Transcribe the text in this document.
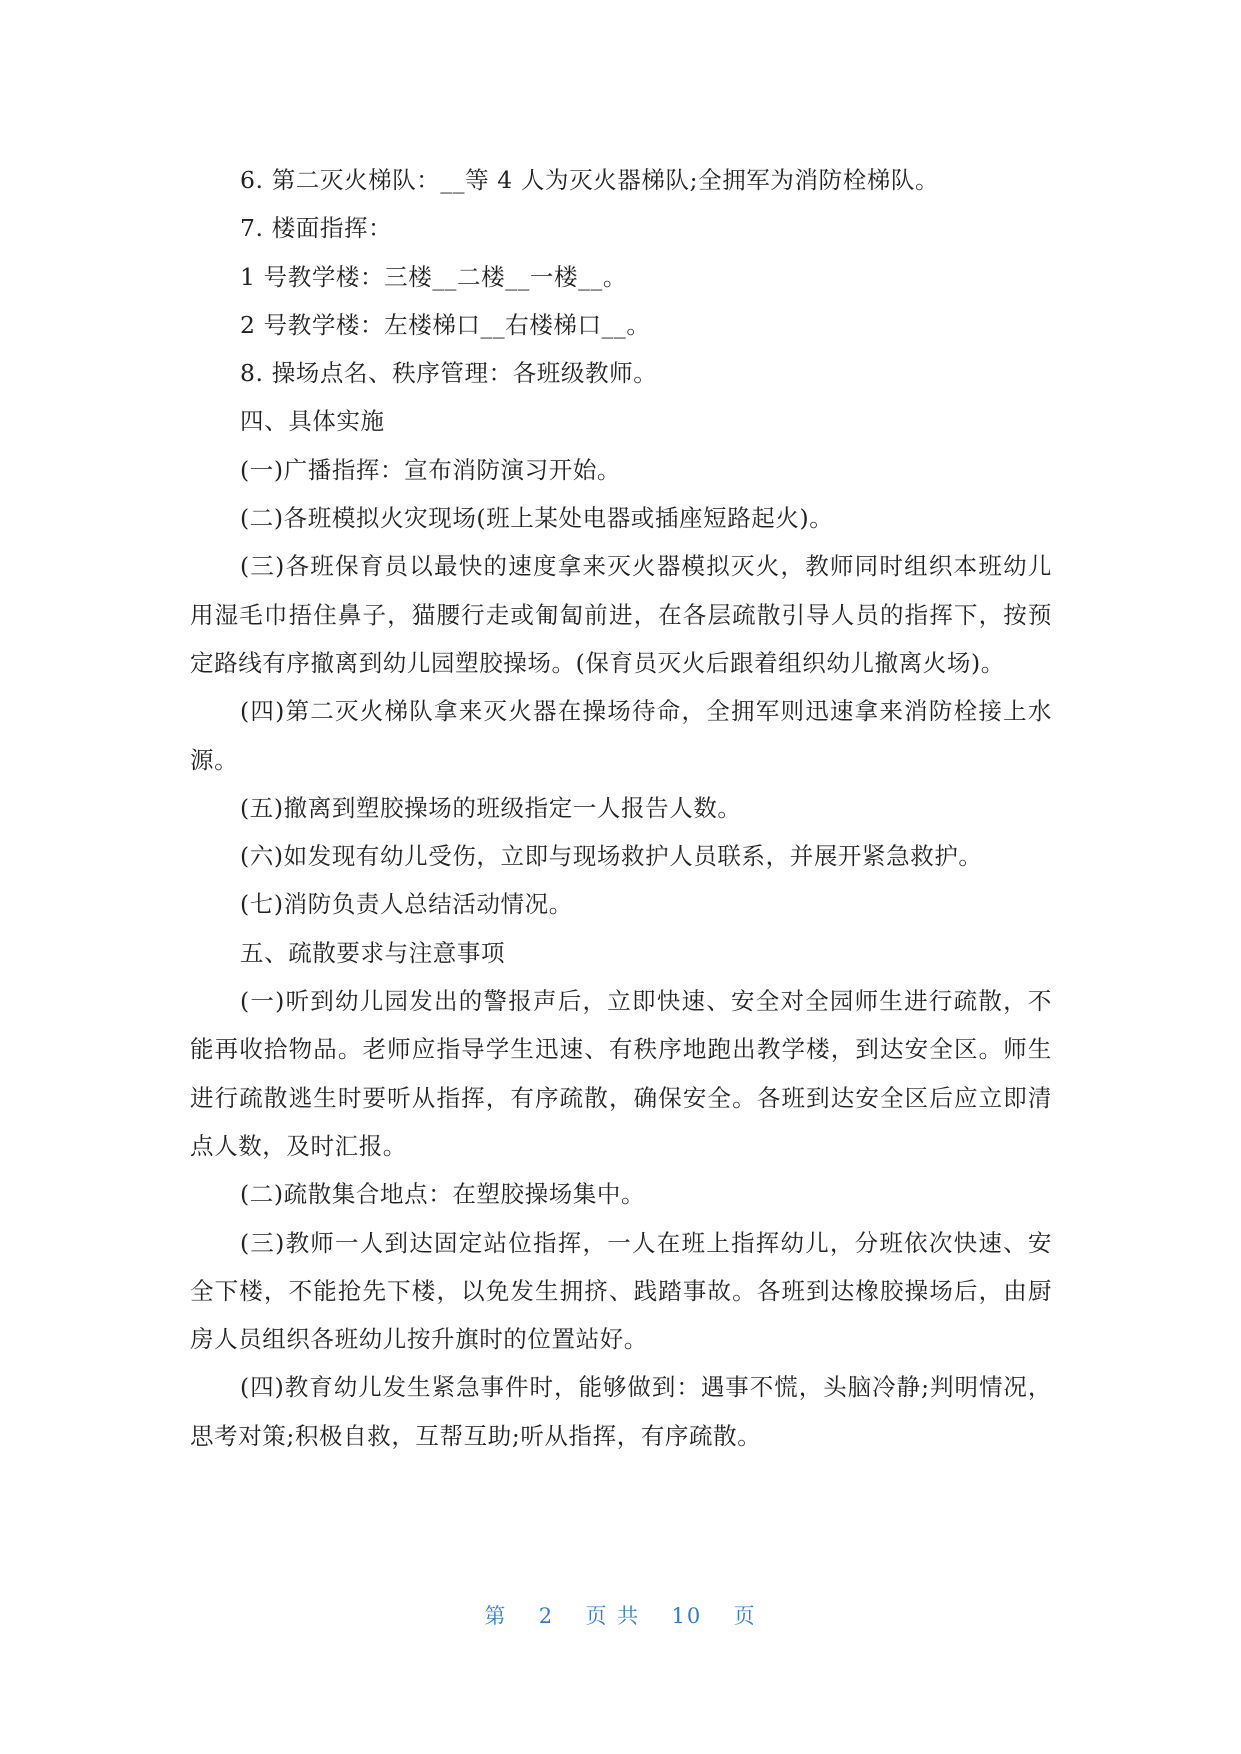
6. 第二灭火梯队：__等 4 人为灭火器梯队;全拥军为消防栓梯队。

7. 楼面指挥：

1 号教学楼：三楼__二楼__一楼__。

2 号教学楼：左楼梯口__右楼梯口__。

8. 操场点名、秩序管理：各班级教师。

四、具体实施

(一)广播指挥：宣布消防演习开始。

(二)各班模拟火灾现场(班上某处电器或插座短路起火)。

(三)各班保育员以最快的速度拿来灭火器模拟灭火，教师同时组织本班幼儿用湿毛巾捂住鼻子，猫腰行走或匍匐前进，在各层疏散引导人员的指挥下，按预定路线有序撤离到幼儿园塑胶操场。(保育员灭火后跟着组织幼儿撤离火场)。

(四)第二灭火梯队拿来灭火器在操场待命，全拥军则迅速拿来消防栓接上水源。

(五)撤离到塑胶操场的班级指定一人报告人数。

(六)如发现有幼儿受伤，立即与现场救护人员联系，并展开紧急救护。

(七)消防负责人总结活动情况。

五、疏散要求与注意事项

(一)听到幼儿园发出的警报声后，立即快速、安全对全园师生进行疏散，不能再收拾物品。老师应指导学生迅速、有秩序地跑出教学楼，到达安全区。师生进行疏散逃生时要听从指挥，有序疏散，确保安全。各班到达安全区后应立即清点人数，及时汇报。

(二)疏散集合地点：在塑胶操场集中。

(三)教师一人到达固定站位指挥，一人在班上指挥幼儿，分班依次快速、安全下楼，不能抢先下楼，以免发生拥挤、践踏事故。各班到达橡胶操场后，由厨房人员组织各班幼儿按升旗时的位置站好。

(四)教育幼儿发生紧急事件时，能够做到：遇事不慌，头脑冷静;判明情况，思考对策;积极自救，互帮互助;听从指挥，有序疏散。

第 2 页 共 10 页
